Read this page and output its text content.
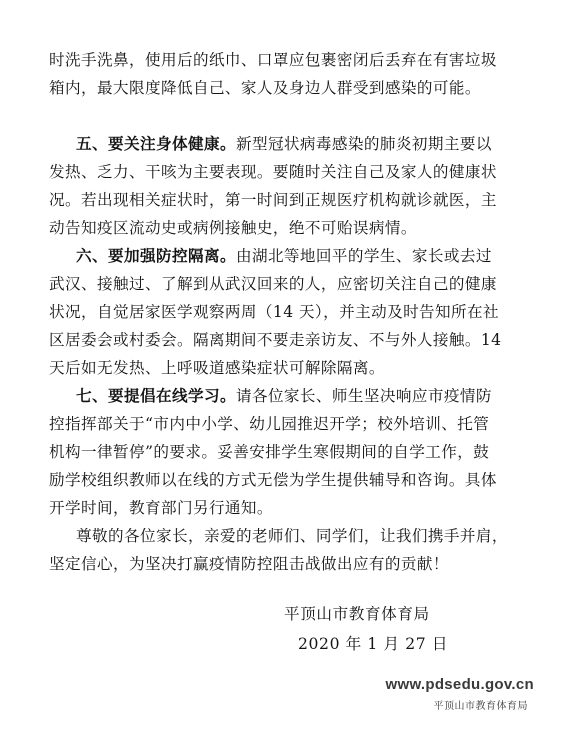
时洗手洗鼻，使用后的纸巾、口罩应包裹密闭后丢弃在有害垃圾
箱内，最大限度降低自己、家人及身边人群受到感染的可能。
五、要关注身体健康。新型冠状病毒感染的肺炎初期主要以
发热、乏力、干咳为主要表现。要随时关注自己及家人的健康状
况。若出现相关症状时，第一时间到正规医疗机构就诊就医，主
动告知疫区流动史或病例接触史，绝不可贻误病情。
六、要加强防控隔离。由湖北等地回平的学生、家长或去过
武汉、接触过、了解到从武汉回来的人，应密切关注自己的健康
状况，自觉居家医学观察两周（14 天），并主动及时告知所在社
区居委会或村委会。隔离期间不要走亲访友、不与外人接触。14
天后如无发热、上呼吸道感染症状可解除隔离。
七、要提倡在线学习。请各位家长、师生坚决响应市疫情防
控指挥部关于“市内中小学、幼儿园推迟开学；校外培训、托管
机构一律暂停”的要求。妥善安排学生寒假期间的自学工作，鼓
励学校组织教师以在线的方式无偿为学生提供辅导和咨询。具体
开学时间，教育部门另行通知。
尊敬的各位家长，亲爱的老师们、同学们，让我们携手并肩，
坚定信心，为坚决打赢疫情防控阻击战做出应有的贡献！
平顶山市教育体育局
2020 年 1 月 27 日
www.pdsedu.gov.cn
平顶山市教育体育局
